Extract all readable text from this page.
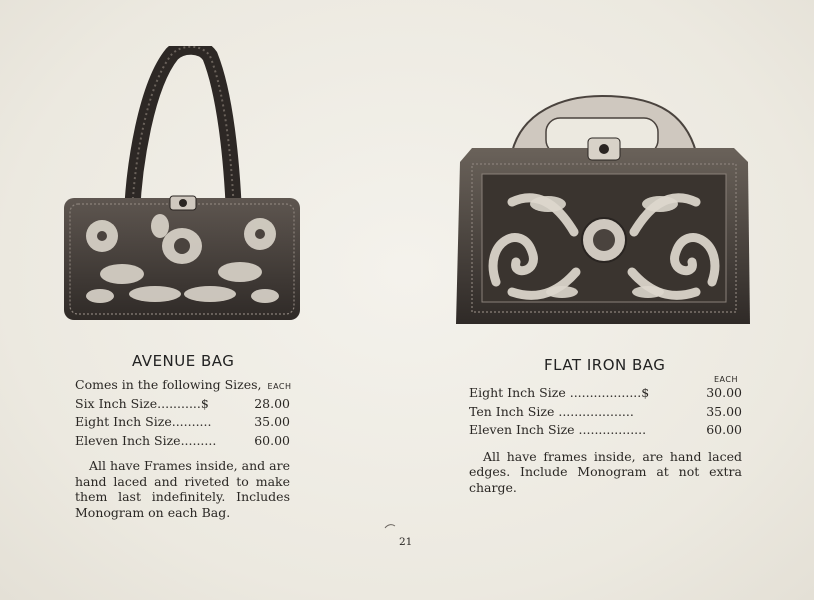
AVENUE BAG
Comes in the following Sizes, EACH
Six Inch Size...........$	28.00
Eight Inch Size..........	35.00
Eleven Inch Size.........	60.00
All have Frames inside, and are hand laced and riveted to make them last indefinitely. Includes Monogram on each Bag.
FLAT IRON BAG
EACH
Eight Inch Size ..................$	30.00
Ten Inch Size ...................	35.00
Eleven Inch Size .................	60.00
All have frames inside, are hand laced edges. Include Monogram at not extra charge.
21
